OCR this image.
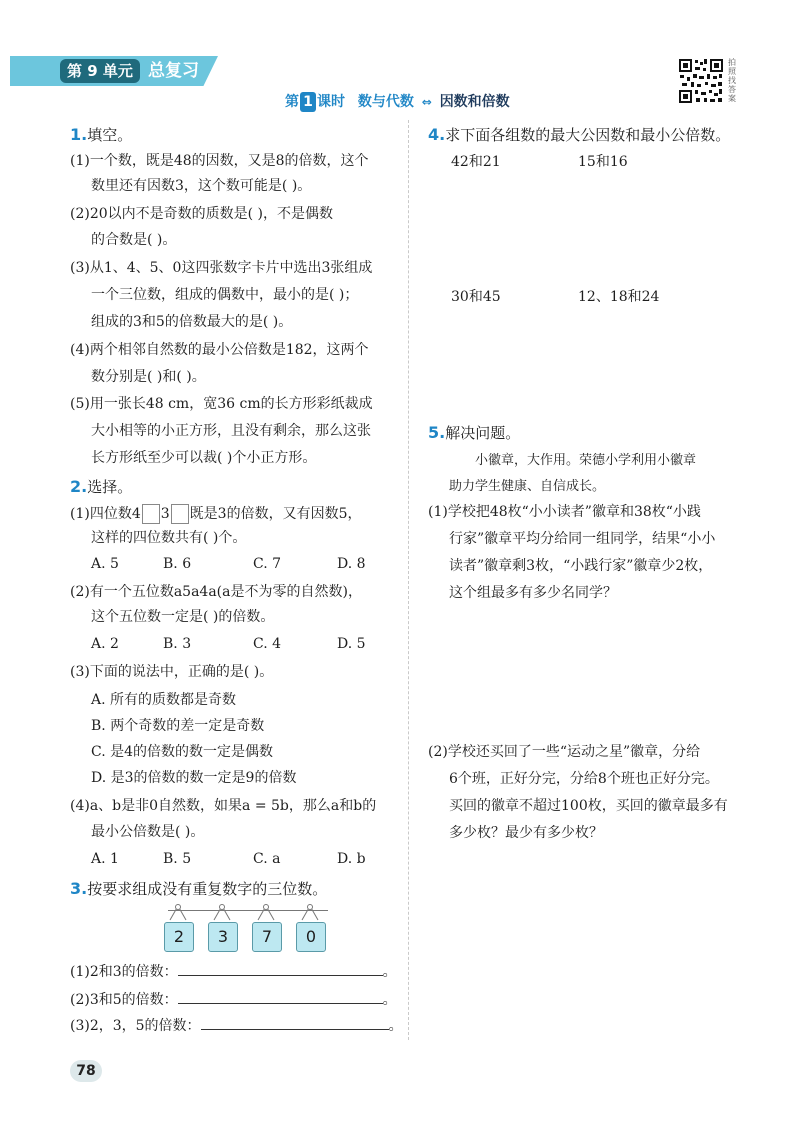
第 9 单元 总复习
第 1 课时 数与代数 ⇔ 因数和倍数
拍照找答案
1.填空。
(1)一个数，既是48的因数，又是8的倍数，这个
数里还有因数3，这个数可能是( )。
(2)20以内不是奇数的质数是( )，不是偶数
的合数是( )。
(3)从1、4、5、0这四张数字卡片中选出3张组成
一个三位数，组成的偶数中，最小的是( )；
组成的3和5的倍数最大的是( )。
(4)两个相邻自然数的最小公倍数是182，这两个
数分别是( )和( )。
(5)用一张长48 cm，宽36 cm的长方形彩纸裁成
大小相等的小正方形，且没有剩余，那么这张
长方形纸至少可以裁( )个小正方形。
2.选择。
(1)四位数4 3 既是3的倍数，又有因数5，
这样的四位数共有( )个。
A. 5	B. 6	C. 7	D. 8
(2)有一个五位数a5a4a(a是不为零的自然数)，
这个五位数一定是( )的倍数。
A. 2	B. 3	C. 4	D. 5
(3)下面的说法中，正确的是( )。
A. 所有的质数都是奇数
B. 两个奇数的差一定是奇数
C. 是4的倍数的数一定是偶数
D. 是3的倍数的数一定是9的倍数
(4)a、b是非0自然数，如果a = 5b，那么a和b的
最小公倍数是( )。
A. 1	B. 5	C. a	D. b
3.按要求组成没有重复数字的三位数。
2	3	7	0
(1)2和3的倍数：	。
(2)3和5的倍数：	。
(3)2，3，5的倍数：	。
4.求下面各组数的最大公因数和最小公倍数。
42和21	15和16
30和45	12、18和24
5.解决问题。
小徽章，大作用。荣德小学利用小徽章
助力学生健康、自信成长。
(1)学校把48枚“小小读者”徽章和38枚“小践
行家”徽章平均分给同一组同学，结果“小小
读者”徽章剩3枚，“小践行家”徽章少2枚，
这个组最多有多少名同学？
(2)学校还买回了一些“运动之星”徽章，分给
6个班，正好分完，分给8个班也正好分完。
买回的徽章不超过100枚，买回的徽章最多有
多少枚？最少有多少枚？
78
